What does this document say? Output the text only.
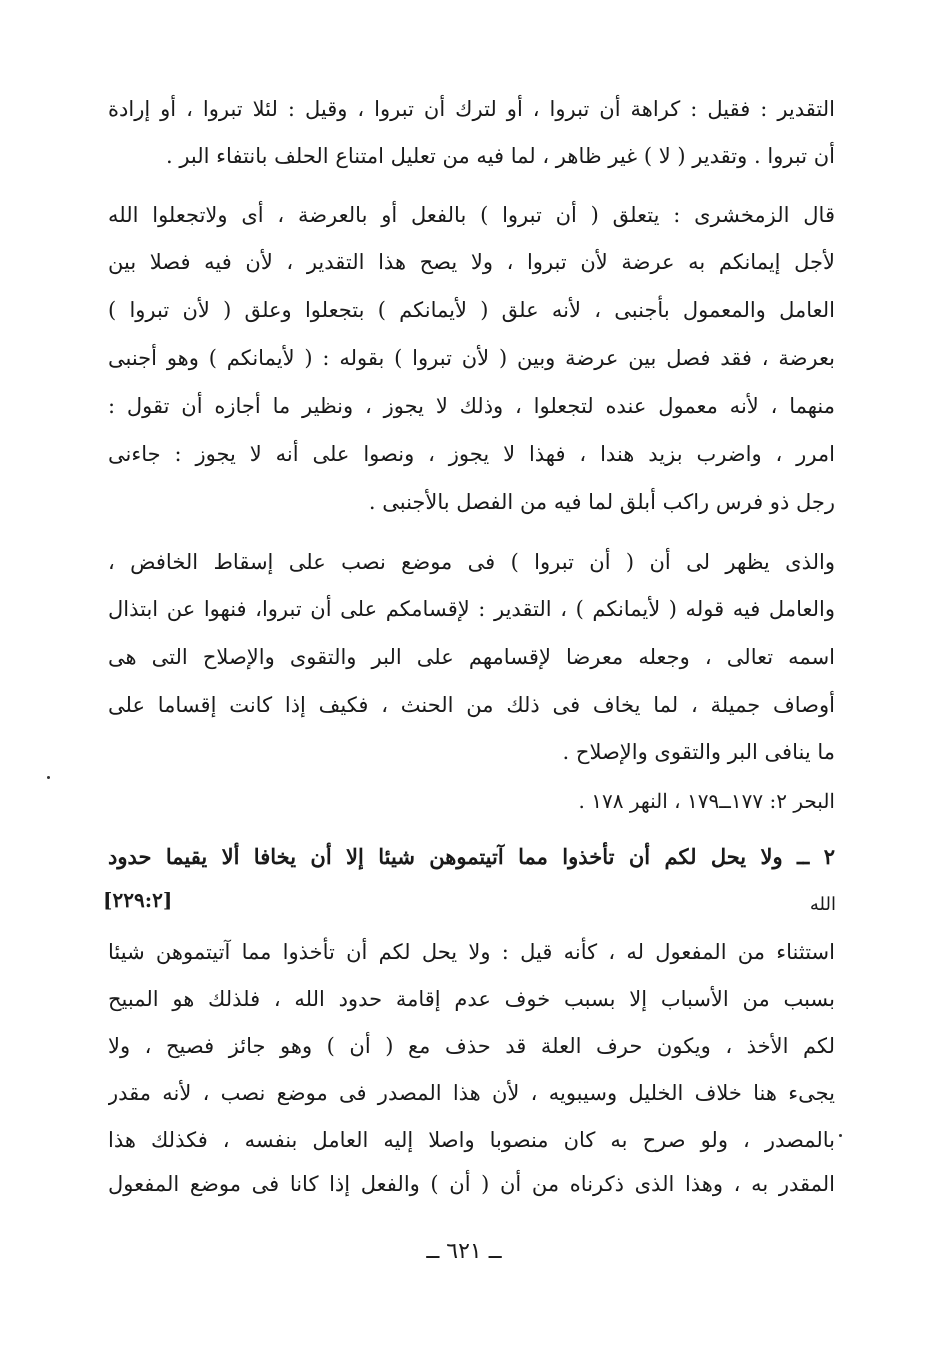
التقدير : فقيل : كراهة أن تبروا ، أو لترك أن تبروا ، وقيل : لئلا تبروا ، أو إرادة
أن تبروا . وتقدير ( لا ) غير ظاهر ، لما فيه من تعليل امتناع الحلف بانتفاء البر .
قال الزمخشرى : يتعلق ( أن تبروا ) بالفعل أو بالعرضة ، أى ولاتجعلوا الله
لأجل إيمانكم به عرضة لأن تبروا ، ولا يصح هذا التقدير ، لأن فيه فصلا بين
العامل والمعمول بأجنبى ، لأنه علق ( لأيمانكم ) بتجعلوا وعلق ( لأن تبروا )
بعرضة ، فقد فصل بين عرضة وبين ( لأن تبروا ) بقوله : ( لأيمانكم ) وهو أجنبى
منهما ، لأنه معمول عنده لتجعلوا ، وذلك لا يجوز ، ونظير ما أجازه أن تقول :
امرر ، واضرب بزيد هندا ، فهذا لا يجوز ، ونصوا على أنه لا يجوز : جاءنى
رجل ذو فرس راكب أبلق لما فيه من الفصل بالأجنبى .
والذى يظهر لى أن ( أن تبروا ) فى موضع نصب على إسقاط الخافض ،
والعامل فيه قوله ( لأيمانكم ) ، التقدير : لإقسامكم على أن تبروا، فنهوا عن ابتذال
اسمه تعالى ، وجعله معرضا لإقسامهم على البر والتقوى والإصلاح التى هى
أوصاف جميلة ، لما يخاف فى ذلك من الحنث ، فكيف إذا كانت إقساما على
ما ينافى البر والتقوى والإصلاح .
البحر ٢: ١٧٧ــ١٧٩ ، النهر ١٧٨ .
٢ ــ ولا يحل لكم أن تأخذوا مما آتيتموهن شيئا إلا أن يخافا ألا يقيما حدود
الله
[٢٢٩:٢]
استثناء من المفعول له ، كأنه قيل : ولا يحل لكم أن تأخذوا مما آتيتموهن شيئا
بسبب من الأسباب إلا بسبب خوف عدم إقامة حدود الله ، فلذلك هو المبيح
لكم الأخذ ، ويكون حرف العلة قد حذف مع ( أن ) وهو جائز فصيح ، ولا
يجىء هنا خلاف الخليل وسيبويه ، لأن هذا المصدر فى موضع نصب ، لأنه مقدر
بالمصدر ، ولو صرح به كان منصوبا واصلا إليه العامل بنفسه ، فكذلك هذا
المقدر به ، وهذا الذى ذكرناه من أن ( أن ) والفعل إذا كانا فى موضع المفعول
ــ ٦٢١ ــ
